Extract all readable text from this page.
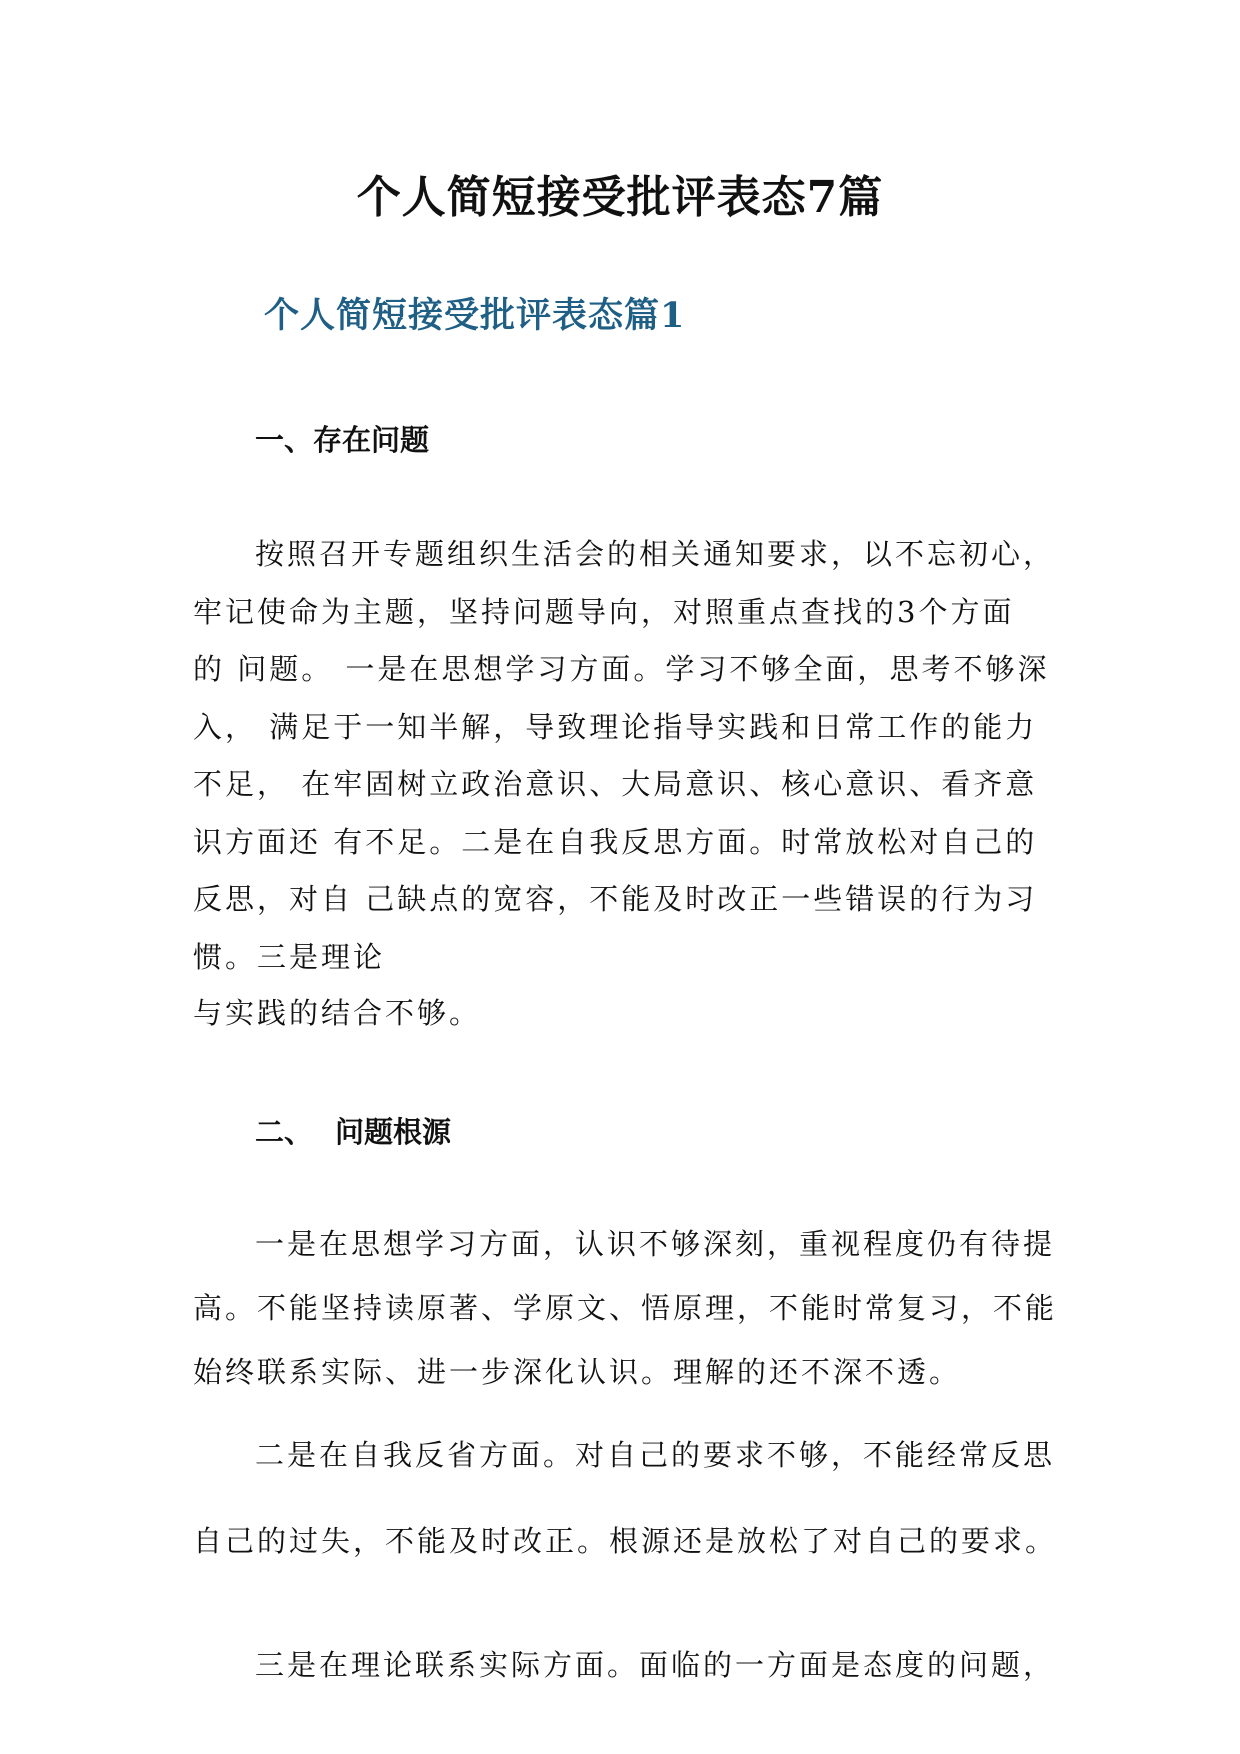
个人简短接受批评表态7篇
个人简短接受批评表态篇1
一、存在问题
按照召开专题组织生活会的相关通知要求，以不忘初心，
牢记使命为主题，坚持问题导向，对照重点查找的3个方面
的 问题。 一是在思想学习方面。学习不够全面，思考不够深
入， 满足于一知半解，导致理论指导实践和日常工作的能力
不足， 在牢固树立政治意识、大局意识、核心意识、看齐意
识方面还 有不足。二是在自我反思方面。时常放松对自己的
反思，对自 己缺点的宽容，不能及时改正一些错误的行为习
惯。三是理论
与实践的结合不够。
二、 问题根源
一是在思想学习方面，认识不够深刻，重视程度仍有待提
高。不能坚持读原著、学原文、悟原理，不能时常复习，不能
始终联系实际、进一步深化认识。理解的还不深不透。
二是在自我反省方面。对自己的要求不够，不能经常反思
自己的过失，不能及时改正。根源还是放松了对自己的要求。
三是在理论联系实际方面。面临的一方面是态度的问题，
